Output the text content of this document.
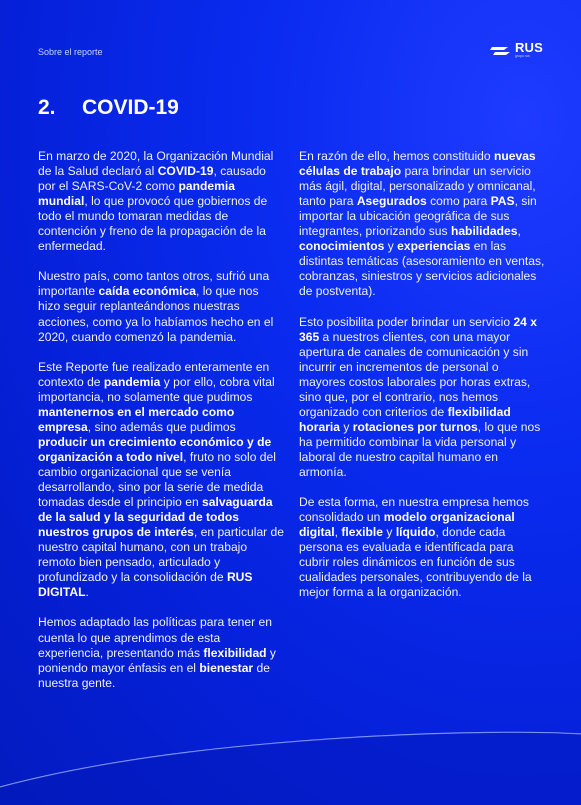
Sobre el reporte	RUS
grupo rus
2.	COVID-19

En marzo de 2020, la Organización Mundial de la Salud declaró al COVID-19, causado por el SARS-CoV-2 como pandemia mundial, lo que provocó que gobiernos de todo el mundo tomaran medidas de contención y freno de la propagación de la enfermedad.

Nuestro país, como tantos otros, sufrió una importante caída económica, lo que nos hizo seguir replanteándonos nuestras acciones, como ya lo habíamos hecho en el 2020, cuando comenzó la pandemia.

Este Reporte fue realizado enteramente en contexto de pandemia y por ello, cobra vital importancia, no solamente que pudimos mantenernos en el mercado como empresa, sino además que pudimos producir un crecimiento económico y de organización a todo nivel, fruto no solo del cambio organizacional que se venía desarrollando, sino por la serie de medida tomadas desde el principio en salvaguarda de la salud y la seguridad de todos nuestros grupos de interés, en particular de nuestro capital humano, con un trabajo remoto bien pensado, articulado y profundizado y la consolidación de RUS DIGITAL.

Hemos adaptado las políticas para tener en cuenta lo que aprendimos de esta experiencia, presentando más flexibilidad y poniendo mayor énfasis en el bienestar de nuestra gente.

En razón de ello, hemos constituido nuevas células de trabajo para brindar un servicio más ágil, digital, personalizado y omnicanal, tanto para Asegurados como para PAS, sin importar la ubicación geográfica de sus integrantes, priorizando sus habilidades, conocimientos y experiencias en las distintas temáticas (asesoramiento en ventas, cobranzas, siniestros y servicios adicionales de postventa).

Esto posibilita poder brindar un servicio 24 x 365 a nuestros clientes, con una mayor apertura de canales de comunicación y sin incurrir en incrementos de personal o mayores costos laborales por horas extras, sino que, por el contrario, nos hemos organizado con criterios de flexibilidad horaria y rotaciones por turnos, lo que nos ha permitido combinar la vida personal y laboral de nuestro capital humano en armonía.

De esta forma, en nuestra empresa hemos consolidado un modelo organizacional digital, flexible y líquido, donde cada persona es evaluada e identificada para cubrir roles dinámicos en función de sus cualidades personales, contribuyendo de la mejor forma a la organización.
